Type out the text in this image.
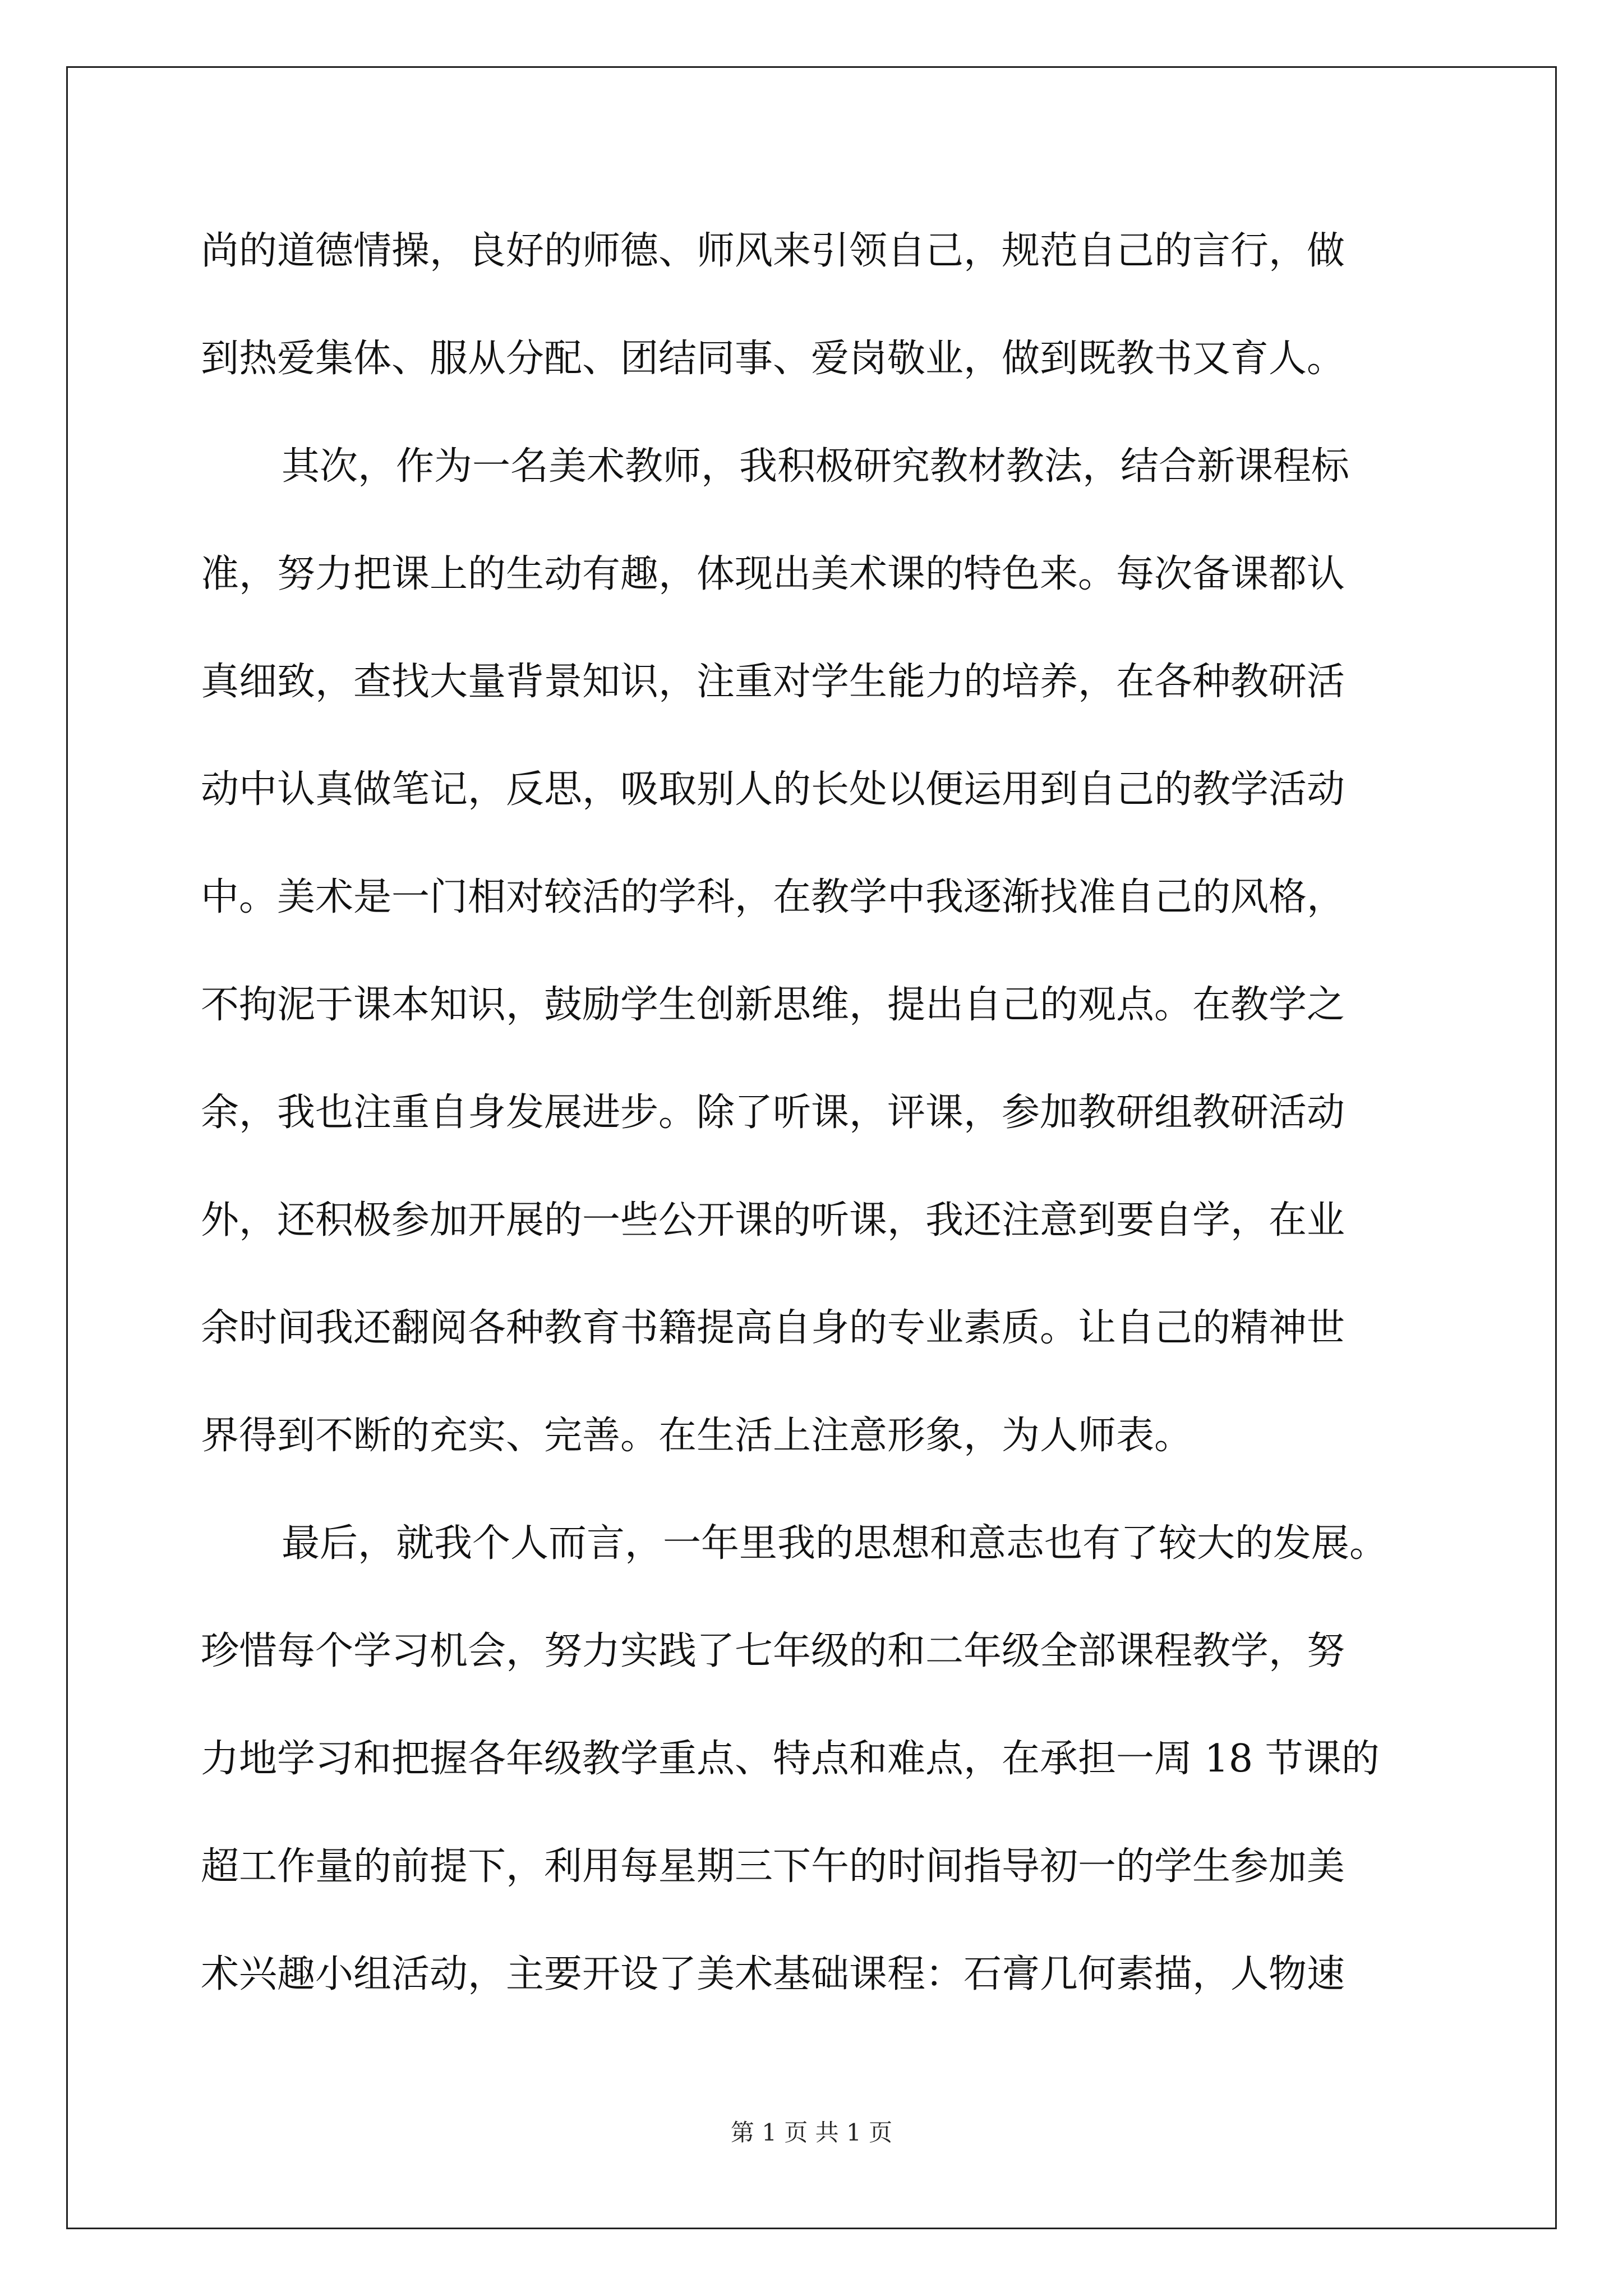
尚的道德情操，良好的师德、师风来引领自己，规范自己的言行，做
到热爱集体、服从分配、团结同事、爱岗敬业，做到既教书又育人。
其次，作为一名美术教师，我积极研究教材教法，结合新课程标
准，努力把课上的生动有趣，体现出美术课的特色来。每次备课都认
真细致，查找大量背景知识，注重对学生能力的培养，在各种教研活
动中认真做笔记，反思，吸取别人的长处以便运用到自己的教学活动
中。美术是一门相对较活的学科，在教学中我逐渐找准自己的风格，
不拘泥于课本知识，鼓励学生创新思维，提出自己的观点。在教学之
余，我也注重自身发展进步。除了听课，评课，参加教研组教研活动
外，还积极参加开展的一些公开课的听课，我还注意到要自学，在业
余时间我还翻阅各种教育书籍提高自身的专业素质。让自己的精神世
界得到不断的充实、完善。在生活上注意形象，为人师表。
最后，就我个人而言，一年里我的思想和意志也有了较大的发展。
珍惜每个学习机会，努力实践了七年级的和二年级全部课程教学，努
力地学习和把握各年级教学重点、特点和难点，在承担一周 18 节课的
超工作量的前提下，利用每星期三下午的时间指导初一的学生参加美
术兴趣小组活动，主要开设了美术基础课程：石膏几何素描，人物速
第 1 页 共 1 页
